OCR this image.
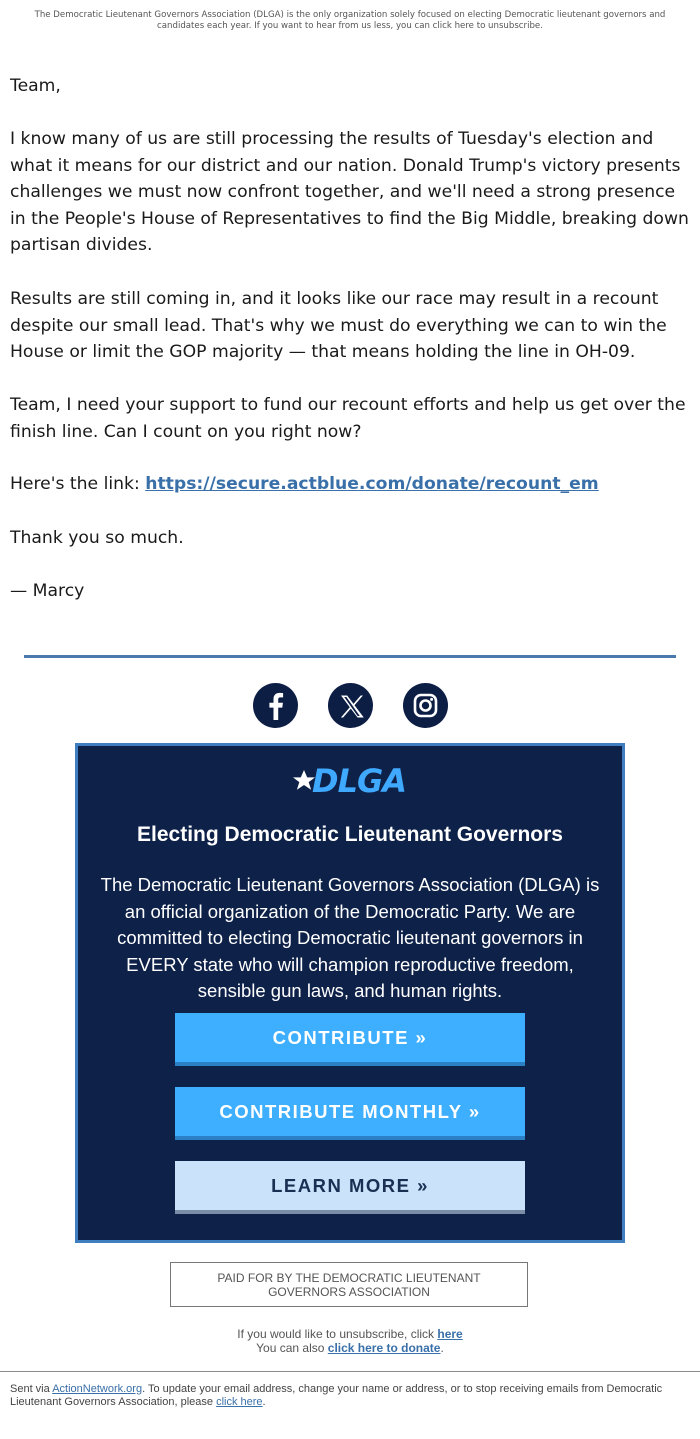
The Democratic Lieutenant Governors Association (DLGA) is the only organization solely focused on electing Democratic lieutenant governors and candidates each year. If you want to hear from us less, you can click here to unsubscribe.

Team,

I know many of us are still processing the results of Tuesday's election and what it means for our district and our nation. Donald Trump's victory presents challenges we must now confront together, and we'll need a strong presence in the People's House of Representatives to find the Big Middle, breaking down partisan divides.

Results are still coming in, and it looks like our race may result in a recount despite our small lead. That's why we must do everything we can to win the House or limit the GOP majority — that means holding the line in OH-09.

Team, I need your support to fund our recount efforts and help us get over the finish line. Can I count on you right now?

Here's the link: https://secure.actblue.com/donate/recount_em

Thank you so much.

— Marcy

DLGA
Electing Democratic Lieutenant Governors

The Democratic Lieutenant Governors Association (DLGA) is an official organization of the Democratic Party. We are committed to electing Democratic lieutenant governors in EVERY state who will champion reproductive freedom, sensible gun laws, and human rights.

CONTRIBUTE »
CONTRIBUTE MONTHLY »
LEARN MORE »
PAID FOR BY THE DEMOCRATIC LIEUTENANT GOVERNORS ASSOCIATION
If you would like to unsubscribe, click here
You can also click here to donate.
Sent via ActionNetwork.org. To update your email address, change your name or address, or to stop receiving emails from Democratic Lieutenant Governors Association, please click here.
